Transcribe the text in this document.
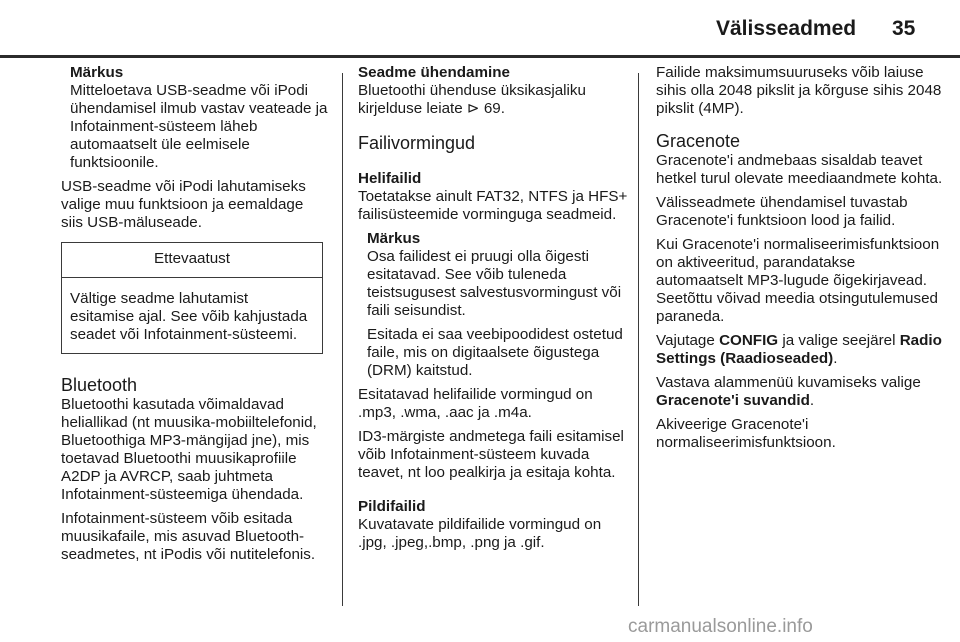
Välisseadmed 35
Märkus
Mitteloetava USB-seadme või iPodi ühendamisel ilmub vastav veateade ja Infotainment-süsteem läheb automaatselt üle eelmisele funktsioonile.

USB-seadme või iPodi lahutamiseks valige muu funktsioon ja eemaldage siis USB-mäluseade.

Ettevaatust
Vältige seadme lahutamist esitamise ajal. See võib kahjustada seadet või Infotainment-süsteemi.
Bluetooth

Bluetoothi kasutada võimaldavad heliallikad (nt muusika-mobiiltelefonid, Bluetoothiga MP3-mängijad jne), mis toetavad Bluetoothi muusikaprofiile A2DP ja AVRCP, saab juhtmeta Infotainment-süsteemiga ühendada.

Infotainment-süsteem võib esitada muusikafaile, mis asuvad Bluetooth-seadmetes, nt iPodis või nutitelefonis.

Seadme ühendamine

Bluetoothi ühenduse üksikasjaliku kirjelduse leiate ⊳ 69.

Failivormingud
Helifailid

Toetatakse ainult FAT32, NTFS ja HFS+ failisüsteemide vorminguga seadmeid.

Märkus

Osa failidest ei pruugi olla õigesti esitatavad. See võib tuleneda teistsugusest salvestusvormingust või faili seisundist.

Esitada ei saa veebipoodidest ostetud faile, mis on digitaalsete õigustega (DRM) kaitstud.

Esitatavad helifailide vormingud on .mp3, .wma, .aac ja .m4a.

ID3-märgiste andmetega faili esitamisel võib Infotainment-süsteem kuvada teavet, nt loo pealkirja ja esitaja kohta.

Pildifailid

Kuvatavate pildifailide vormingud on .jpg, .jpeg,.bmp, .png ja .gif.

Failide maksimumsuuruseks võib laiuse sihis olla 2048 pikslit ja kõrguse sihis 2048 pikslit (4MP).

Gracenote

Gracenote'i andmebaas sisaldab teavet hetkel turul olevate meediaandmete kohta.

Välisseadmete ühendamisel tuvastab Gracenote'i funktsioon lood ja failid.

Kui Gracenote'i normaliseerimisfunktsioon on aktiveeritud, parandatakse automaatselt MP3-lugude õigekirjavead. Seetõttu võivad meedia otsingutulemused paraneda.

Vajutage CONFIG ja valige seejärel Radio Settings (Raadioseaded).

Vastava alammenüü kuvamiseks valige Gracenote'i suvandid.

Akiveerige Gracenote'i normaliseerimisfunktsioon.

carmanualsonline.info
